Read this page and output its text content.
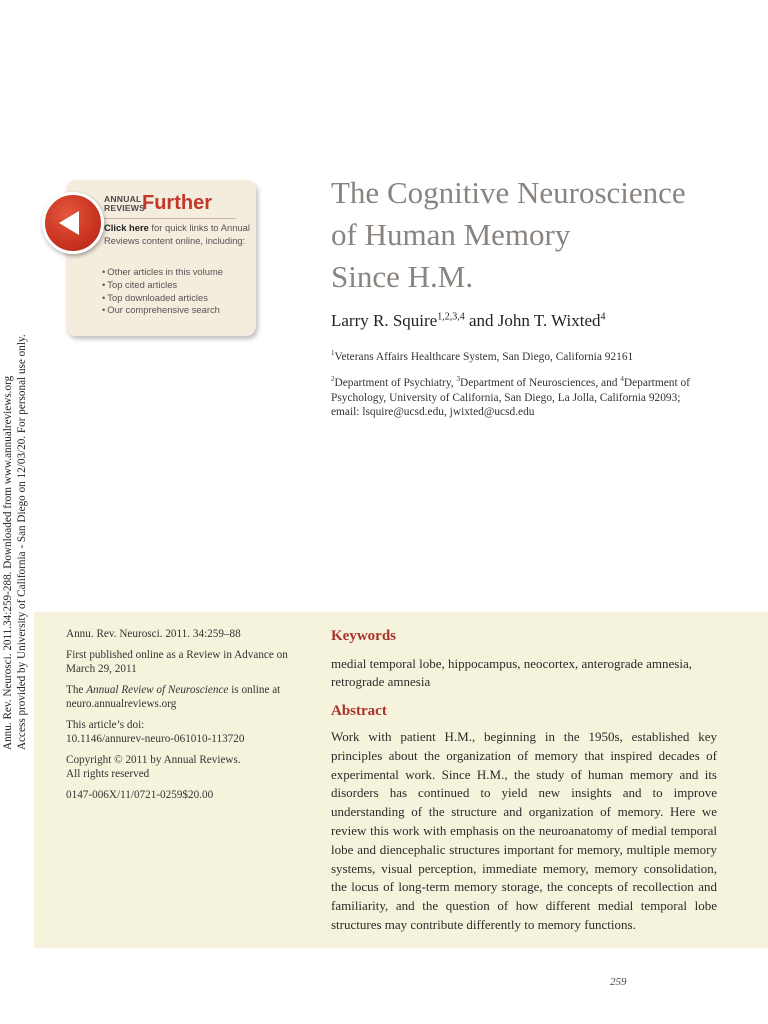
Annu. Rev. Neurosci. 2011.34:259-288. Downloaded from www.annualreviews.org Access provided by University of California - San Diego on 12/03/20. For personal use only.
ANNUAL
REVIEWS
Further
Click here for quick links to Annual Reviews content online, including:
• Other articles in this volume
• Top cited articles
• Top downloaded articles
• Our comprehensive search
The Cognitive Neuroscience
of Human Memory
Since H.M.
Larry R. Squire$^{1,2,3,4}$ and John T. Wixted$^4$

$^1$Veterans Affairs Healthcare System, San Diego, California 92161

$^2$Department of Psychiatry, $^3$Department of Neurosciences, and $^4$Department of Psychology, University of California, San Diego, La Jolla, California 92093;
email: lsquire@ucsd.edu, jwixted@ucsd.edu

Annu. Rev. Neurosci. 2011. 34:259–88

First published online as a Review in Advance on March 29, 2011

The Annual Review of Neuroscience is online at neuro.annualreviews.org

This article’s doi:
10.1146/annurev-neuro-061010-113720

Copyright © 2011 by Annual Reviews.
All rights reserved

0147-006X/11/0721-0259$20.00

Keywords
medial temporal lobe, hippocampus, neocortex, anterograde amnesia, retrograde amnesia
Abstract
Work with patient H.M., beginning in the 1950s, established key principles about the organization of memory that inspired decades of experimental work. Since H.M., the study of human memory and its disorders has continued to yield new insights and to improve understanding of the structure and organization of memory. Here we review this work with emphasis on the neuroanatomy of medial temporal lobe and diencephalic structures important for memory, multiple memory systems, visual perception, immediate memory, memory consolidation, the locus of long-term memory storage, the concepts of recollection and familiarity, and the question of how different medial temporal lobe structures may contribute differently to memory functions.
259
